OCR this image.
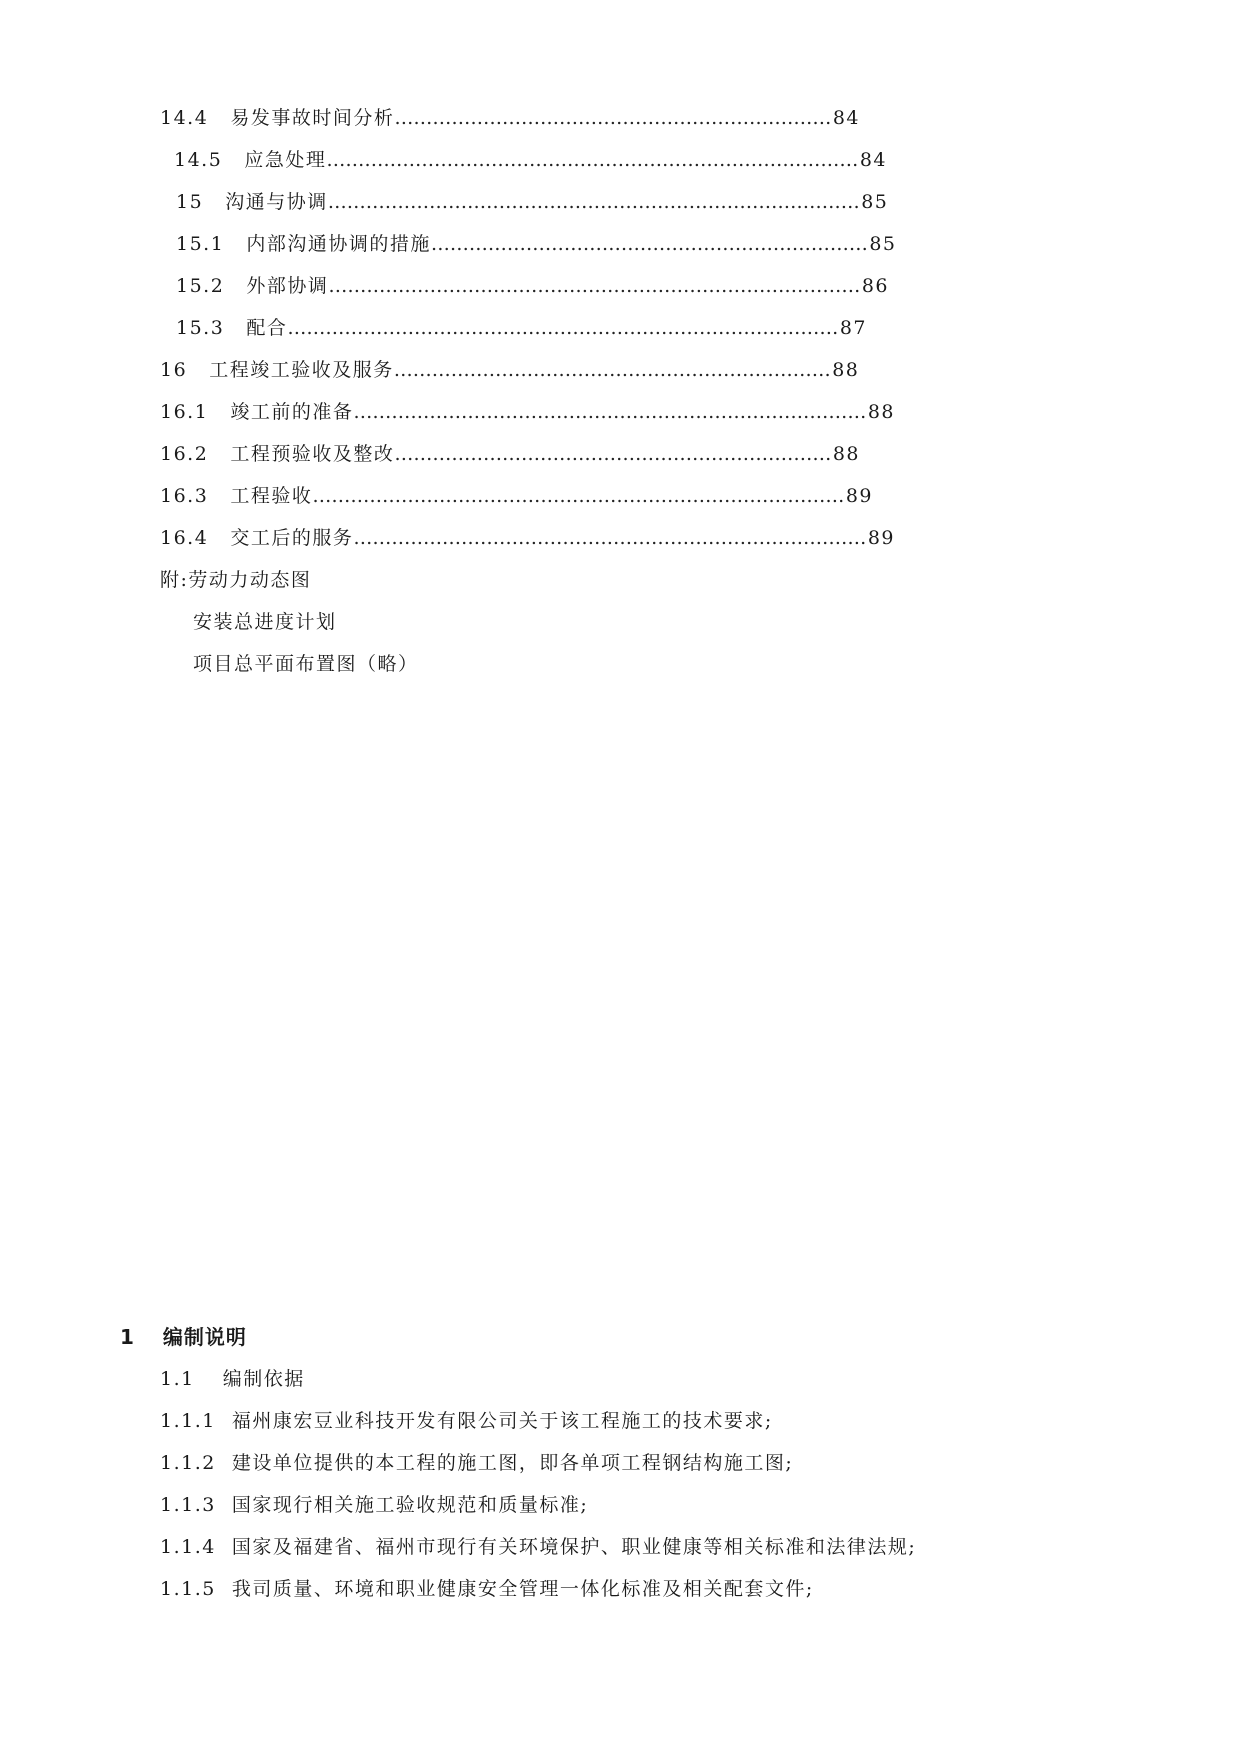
14.4 易发事故时间分析……………………………………………………………84
14.5 应急处理…………………………………………………………………………84
15 沟通与协调…………………………………………………………………………85
15.1 内部沟通协调的措施……………………………………………………………85
15.2 外部协调…………………………………………………………………………86
15.3 配合……………………………………………………………………………87
16 工程竣工验收及服务……………………………………………………………88
16.1 竣工前的准备………………………………………………………………………88
16.2 工程预验收及整改……………………………………………………………88
16.3 工程验收…………………………………………………………………………89
16.4 交工后的服务………………………………………………………………………89
附:劳动力动态图
安装总进度计划
项目总平面布置图（略）
1 编制说明
1.1 编制依据
1.1.1 福州康宏豆业科技开发有限公司关于该工程施工的技术要求;
1.1.2 建设单位提供的本工程的施工图，即各单项工程钢结构施工图;
1.1.3 国家现行相关施工验收规范和质量标准;
1.1.4 国家及福建省、福州市现行有关环境保护、职业健康等相关标准和法律法规;
1.1.5 我司质量、环境和职业健康安全管理一体化标准及相关配套文件;
